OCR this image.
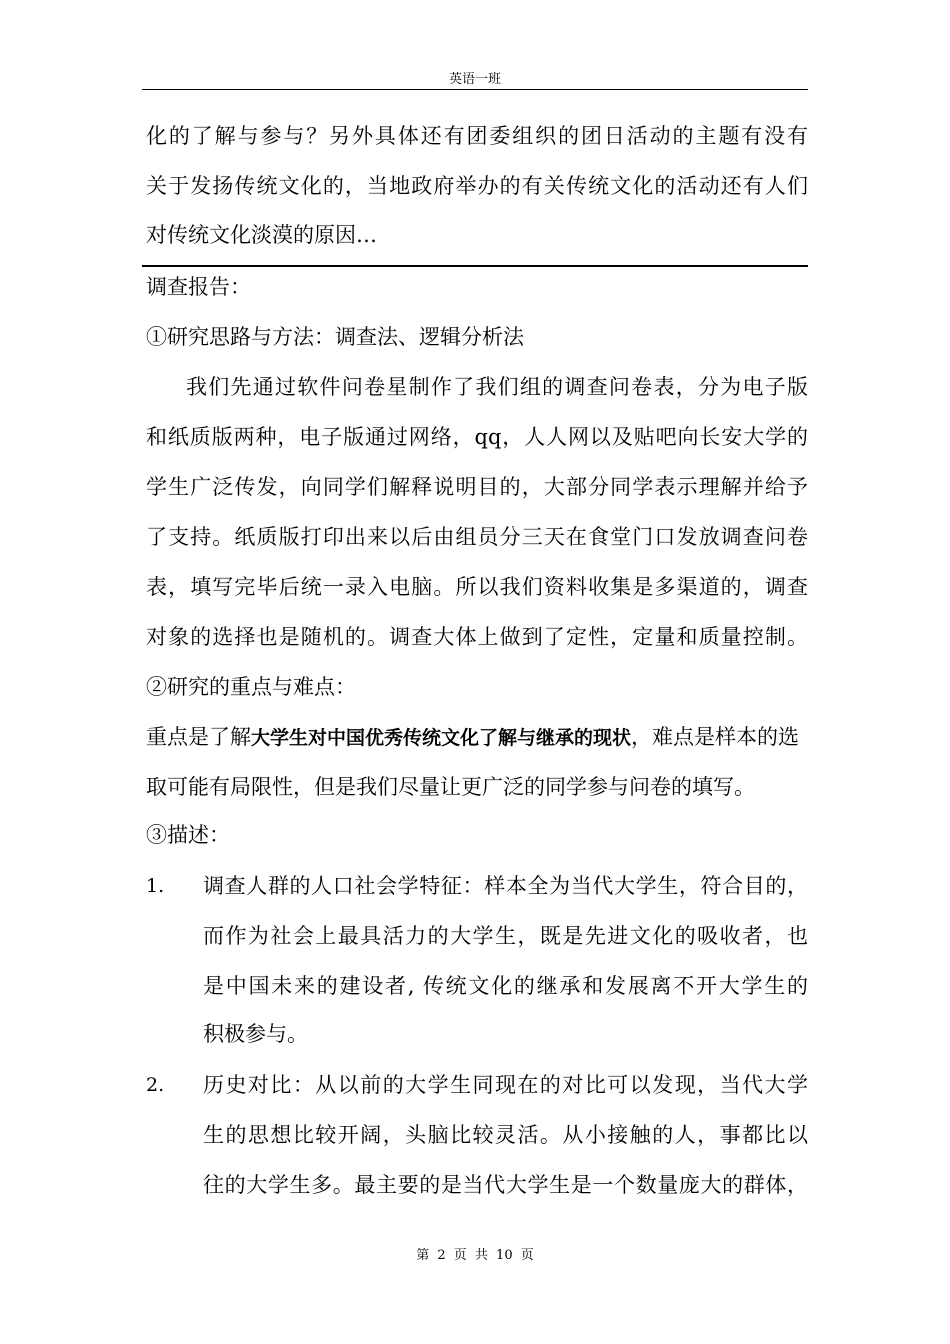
英语一班
化的了解与参与？另外具体还有团委组织的团日活动的主题有没有
关于发扬传统文化的，当地政府举办的有关传统文化的活动还有人们
对传统文化淡漠的原因…
调查报告：
①研究思路与方法：调查法、逻辑分析法
我们先通过软件问卷星制作了我们组的调查问卷表，分为电子版
和纸质版两种，电子版通过网络，qq，人人网以及贴吧向长安大学的
学生广泛传发，向同学们解释说明目的，大部分同学表示理解并给予
了支持。纸质版打印出来以后由组员分三天在食堂门口发放调查问卷
表，填写完毕后统一录入电脑。所以我们资料收集是多渠道的，调查
对象的选择也是随机的。调查大体上做到了定性，定量和质量控制。
②研究的重点与难点：
重点是了解大学生对中国优秀传统文化了解与继承的现状，难点是样本的选
取可能有局限性，但是我们尽量让更广泛的同学参与问卷的填写。
③描述：
1. 调查人群的人口社会学特征：样本全为当代大学生，符合目的，
而作为社会上最具活力的大学生，既是先进文化的吸收者，也
是中国未来的建设者, 传统文化的继承和发展离不开大学生的
积极参与。
2. 历史对比：从以前的大学生同现在的对比可以发现，当代大学
生的思想比较开阔，头脑比较灵活。从小接触的人，事都比以
往的大学生多。最主要的是当代大学生是一个数量庞大的群体，
第 2 页 共 10 页
